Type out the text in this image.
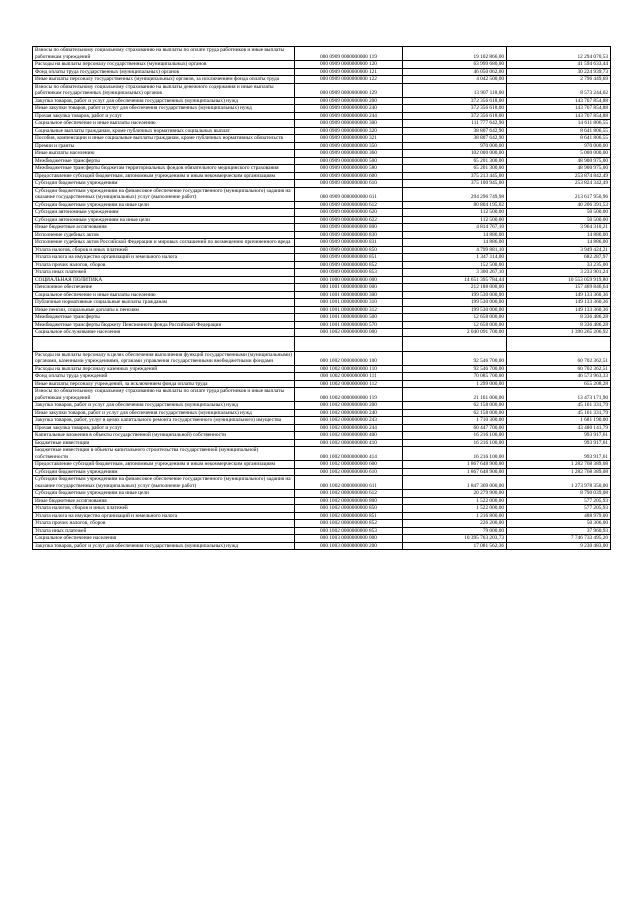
Взносы по обязательному социальному страхованию на выплаты по оплате труда работников и иные выплаты работникам учреждений	000 0909 0000000000 119	19 102 866,00	12 294 070,53
Расходы на выплаты персоналу государственных (муниципальных) органов	000 0909 0000000000 120	63 999 680,00	41 594 633,44
Фонд оплаты труда государственных (муниципальных) органов	000 0909 0000000000 121	46 050 062,00	30 224 939,73
Иные выплаты персоналу государственных (муниципальных) органов, за исключением фонда оплаты труда	000 0909 0000000000 122	4 042 500,00	2 796 449,69
Взносы по обязательному социальному страхованию на выплаты денежного содержания и иные выплаты работникам государственных (муниципальных) органов	000 0909 0000000000 129	13 907 118,00	8 573 244,02
Закупка товаров, работ и услуг для обеспечения государственных (муниципальных) нужд	000 0909 0000000000 200	372 356 618,00	143 767 854,88
Иные закупки товаров, работ и услуг для обеспечения государственных (муниципальных) нужд	000 0909 0000000000 240	372 356 618,00	143 767 854,88
Прочая закупка товаров, работ и услуг	000 0909 0000000000 244	372 356 618,00	143 767 854,88
Социальное обеспечение и иные выплаты населению	000 0909 0000000000 300	111 777 642,90	14 611 806,55
Социальные выплаты гражданам, кроме публичных нормативных социальных выплат	000 0909 0000000000 320	38 807 642,90	8 641 806,55
Пособия, компенсации и иные социальные выплаты гражданам, кроме публичных нормативных обязательств	000 0909 0000000000 321	38 807 642,90	8 641 806,55
Премии и гранты	000 0909 0000000000 350	970 000,00	970 000,00
Иные выплаты населению	000 0909 0000000000 360	102 000 000,00	5 000 000,00
Межбюджетные трансферты	000 0909 0000000000 500	65 201 300,00	48 900 975,00
Межбюджетные трансферты бюджетам территориальных фондов обязательного медицинского страхования	000 0909 0000000000 580	65 201 300,00	48 900 975,00
Предоставление субсидий бюджетным, автономным учреждениям и иным некоммерческим организациям	000 0909 0000000000 600	375 213 445,00	253 874 842,49
Субсидии бюджетным учреждениям	000 0909 0000000000 610	375 100 945,00	253 824 342,49
Субсидии бюджетным учреждениям на финансовое обеспечение государственного (муниципального) задания на оказание государственных (муниципальных) услуг (выполнение работ)	000 0909 0000000000 611	294 296 749,98	213 617 950,96
Субсидии бюджетным учреждениям на иные цели	000 0909 0000000000 612	80 804 195,02	40 206 391,53
Субсидии автономным учреждениям	000 0909 0000000000 620	112 500,00	50 500,00
Субсидии автономным учреждениям на иные цели	000 0909 0000000000 622	112 500,00	50 500,00
Иные бюджетные ассигнования	000 0909 0000000000 800	4 814 767,10	3 964 310,21
Исполнение судебных актов	000 0909 0000000000 830	14 886,00	14 886,00
Исполнение судебных актов Российской Федерации и мировых соглашений по возмещению причиненного вреда	000 0909 0000000000 831	14 886,00	14 886,00
Уплата налогов, сборов и иных платежей	000 0909 0000000000 850	4 799 881,10	3 949 424,21
Уплата налога на имущество организаций и земельного налога	000 0909 0000000000 851	1 347 114,00	682 287,97
Уплата прочих налогов, сборов	000 0909 0000000000 852	152 500,00	33 235,00
Уплата иных платежей	000 0909 0000000000 853	3 300 267,10	3 233 901,24
СОЦИАЛЬНАЯ ПОЛИТИКА	000 1000 0000000000 000	14 651 395 784,44	10 553 059 919,80
Пенсионное обеспечение	000 1001 0000000000 000	212 188 000,00	157 469 846,64
Социальное обеспечение и иные выплаты населению	000 1001 0000000000 300	199 530 000,00	149 133 360,36
Публичные нормативные социальные выплаты гражданам	000 1001 0000000000 310	199 530 000,00	149 133 360,36
Иные пенсии, социальные доплаты к пенсиям	000 1001 0000000000 312	199 530 000,00	149 133 360,36
Межбюджетные трансферты	000 1001 0000000000 500	12 658 000,00	8 336 486,28
Межбюджетные трансферты бюджету Пенсионного фонда Российской Федерации	000 1001 0000000000 570	12 658 000,00	8 336 486,28
Социальное обслуживание населения	000 1002 0000000000 000	2 040 091 700,00	1 390 265 206,92

Расходы на выплаты персоналу в целях обеспечения выполнения функций государственными (муниципальными) органами, казенными учреждениями, органами управления государственными внебюджетными фондами	000 1002 0000000000 100	92 546 700,00	60 702 362,51
Расходы на выплаты персоналу казенных учреждений	000 1002 0000000000 110	92 546 700,00	60 702 362,51
Фонд оплаты труда учреждений	000 1002 0000000000 111	70 085 700,00	46 573 963,33
Иные выплаты персоналу учреждений, за исключением фонда оплаты труда	000 1002 0000000000 112	1 299 000,00	655 208,28
Взносы по обязательному социальному страхованию на выплаты по оплате труда работников и иные выплаты работникам учреждений	000 1002 0000000000 119	21 161 000,00	13 473 171,90
Закупка товаров, работ и услуг для обеспечения государственных (муниципальных) нужд	000 1002 0000000000 200	62 158 000,00	45 161 331,79
Иные закупки товаров, работ и услуг для обеспечения государственных (муниципальных) нужд	000 1002 0000000000 240	62 158 000,00	45 161 331,79
Закупка товаров, работ, услуг в целях капитального ремонта государственного (муниципального) имущества	000 1002 0000000000 243	1 710 300,00	1 681 190,00
Прочая закупка товаров, работ и услуг	000 1002 0000000000 244	60 447 700,00	43 480 141,79
Капитальные вложения в объекты государственной (муниципальной) собственности	000 1002 0000000000 400	16 216 100,00	993 917,61
Бюджетные инвестиции	000 1002 0000000000 410	16 216 100,00	993 917,61
Бюджетные инвестиции в объекты капитального строительства государственной (муниципальной) собственности	000 1002 0000000000 414	16 216 100,00	993 917,61
Предоставление субсидий бюджетным, автономным учреждениям и иным некоммерческим организациям	000 1002 0000000000 600	1 867 648 900,00	1 282 768 389,08
Субсидии бюджетным учреждениям	000 1002 0000000000 610	1 867 648 900,00	1 282 768 389,08
Субсидии бюджетным учреждениям на финансовое обеспечение государственного (муниципального) задания на оказание государственных (муниципальных) услуг (выполнение работ)	000 1002 0000000000 611	1 847 369 000,00	1 273 978 350,00
Субсидии бюджетным учреждениям на иные цели	000 1002 0000000000 612	20 279 900,00	8 790 039,08
Иные бюджетные ассигнования	000 1002 0000000000 800	1 522 000,00	577 205,93
Уплата налогов, сборов и иных платежей	000 1002 0000000000 850	1 522 000,00	577 205,93
Уплата налога на имущество организаций и земельного налога	000 1002 0000000000 851	1 216 800,00	488 979,00
Уплата прочих налогов, сборов	000 1002 0000000000 852	226 200,00	50 306,00
Уплата иных платежей	000 1002 0000000000 853	79 000,00	37 960,93
Социальное обеспечение населения	000 1003 0000000000 000	10 395 763 203,73	7 746 733 495,20
Закупка товаров, работ и услуг для обеспечения государственных (муниципальных) нужд	000 1003 0000000000 200	17 081 562,36	9 230 483,00
